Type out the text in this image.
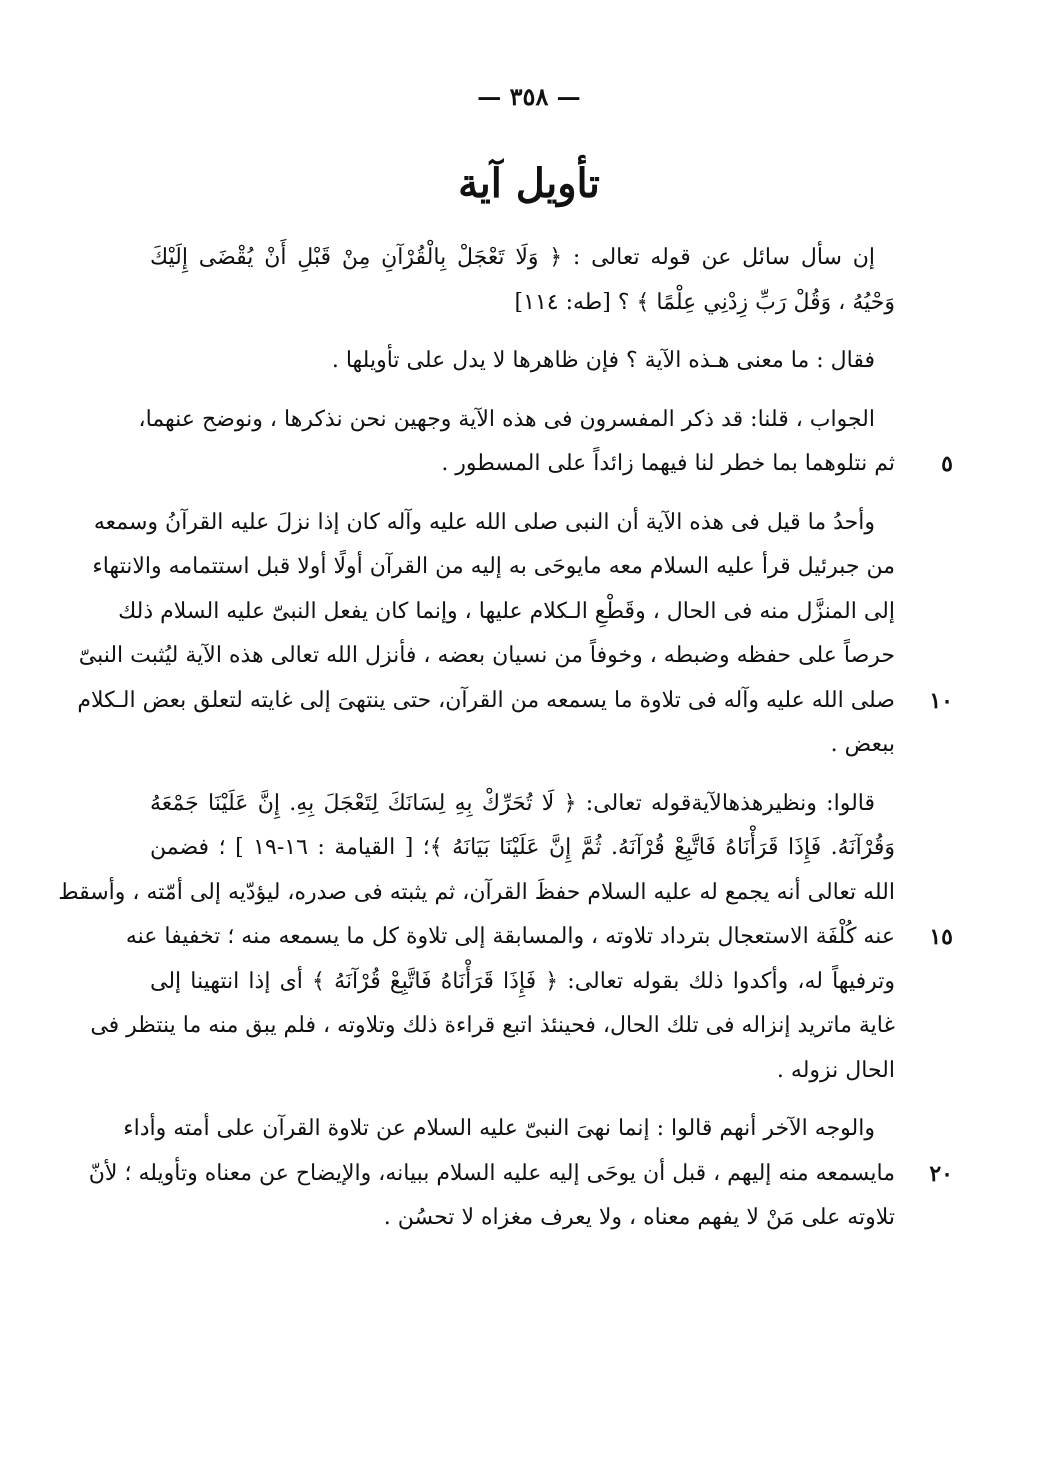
— ٣٥٨ —
تأويل آية
إن سأل سائل عن قوله تعالى : ﴿ وَلَا تَعْجَلْ بِالْقُرْآنِ مِنْ قَبْلِ أَنْ يُقْضَى إِلَيْكَ
وَحْيُهُ ، وَقُلْ رَبِّ زِدْنِي عِلْمًا ﴾ ؟ [طه: ١١٤]
فقال : ما معنى هـذه الآية ؟ فإن ظاهرها لا يدل على تأويلها .
الجواب ، قلنا: قد ذكر المفسرون فى هذه الآية وجهين نحن نذكرها ، ونوضح عنهما،
ثم نتلوهما بما خطر لنا فيهما زائداً على المسطور .	٥
وأحدُ ما قيل فى هذه الآية أن النبى صلى الله عليه وآله كان إذا نزلَ عليه القرآنُ وسمعه
من جبرئيل قرأ عليه السلام معه مايوحَى به إليه من القرآن أولًا أولا قبل استتمامه والانتهاء
إلى المنزَّل منه فى الحال ، وقَطْعِ الـكلام عليها ، وإنما كان يفعل النبىّ عليه السلام ذلك
حرصاً على حفظه وضبطه ، وخوفاً من نسيان بعضه ، فأنزل الله تعالى هذه الآية ليُثبت النبىّ
صلى الله عليه وآله فى تلاوة ما يسمعه من القرآن، حتى ينتهىَ إلى غايته لتعلق بعض الـكلام	١٠
ببعض .
قالوا: ونظيرهذهالآيةقوله تعالى: ﴿ لَا تُحَرِّكْ بِهِ لِسَانَكَ لِتَعْجَلَ بِهِ. إِنَّ عَلَيْنَا جَمْعَهُ
وَقُرْآنَهُ. فَإِذَا قَرَأْنَاهُ فَاتَّبِعْ قُرْآنَهُ. ثُمَّ إِنَّ عَلَيْنَا بَيَانَهُ ﴾؛ [ القيامة : ١٦-١٩ ] ؛ فضمن
الله تعالى أنه يجمع له عليه السلام حفظَ القرآن، ثم يثبته فى صدره، ليؤدّيه إلى أمّته ، وأسقط
عنه كُلْفَة الاستعجال بترداد تلاوته ، والمسابقة إلى تلاوة كل ما يسمعه منه ؛ تخفيفا عنه	١٥
وترفيهاً له، وأكدوا ذلك بقوله تعالى: ﴿ فَإِذَا قَرَأْنَاهُ فَاتَّبِعْ قُرْآنَهُ ﴾ أى إذا انتهينا إلى
غاية ماتريد إنزاله فى تلك الحال، فحينئذ اتبع قراءة ذلك وتلاوته ، فلم يبق منه ما ينتظر فى
الحال نزوله .
والوجه الآخر أنهم قالوا : إنما نهىَ النبىّ عليه السلام عن تلاوة القرآن على أمته وأداء
مايسمعه منه إليهم ، قبل أن يوحَى إليه عليه السلام ببيانه، والإيضاح عن معناه وتأويله ؛ لأنّ	٢٠
تلاوته على مَنْ لا يفهم معناه ، ولا يعرف مغزاه لا تحسُن .
